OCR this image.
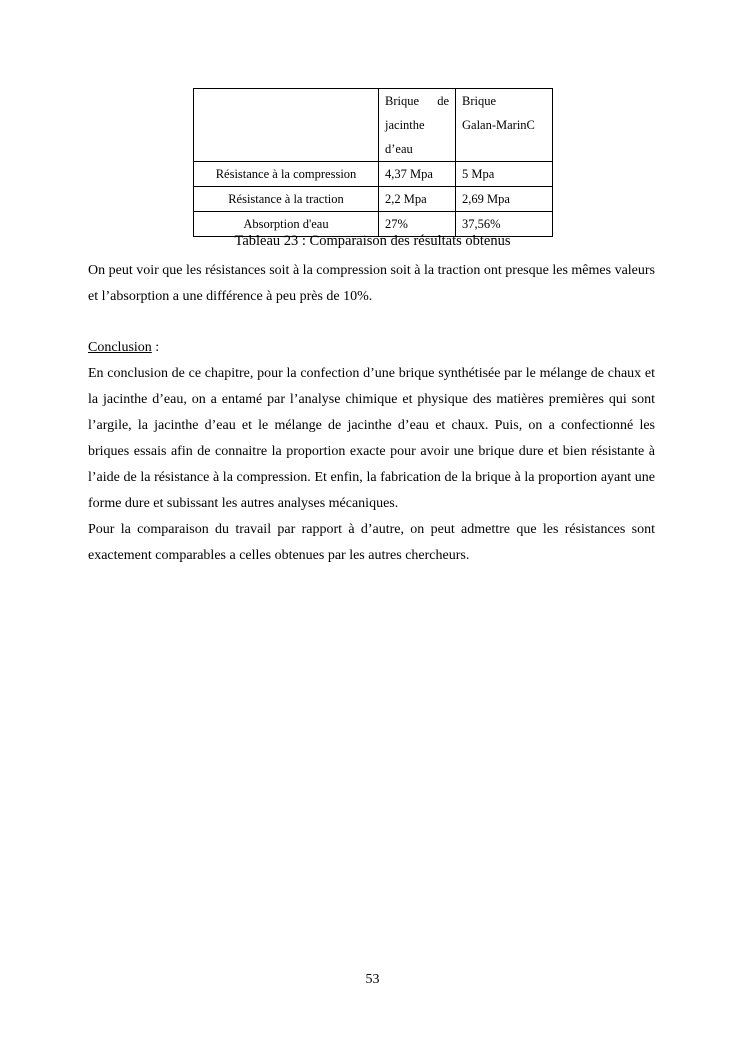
	Brique de
jacinthe
d’eau	Brique
Galan-MarinC

Résistance à la compression	4,37 Mpa	5 Mpa
Résistance à la traction	2,2 Mpa	2,69 Mpa
Absorption d'eau	27%	37,56%
Tableau 23 : Comparaison des résultats obtenus

On peut voir que les résistances soit à la compression soit à la traction ont presque les mêmes valeurs et l’absorption a une différence à peu près de 10%.

Conclusion :

En conclusion de ce chapitre, pour la confection d’une brique synthétisée par le mélange de chaux et la jacinthe d’eau, on a entamé par l’analyse chimique et physique des matières premières qui sont l’argile, la jacinthe d’eau et le mélange de jacinthe d’eau et chaux. Puis, on a confectionné les briques essais afin de connaitre la proportion exacte pour avoir une brique dure et bien résistante à l’aide de la résistance à la compression. Et enfin, la fabrication de la brique à la proportion ayant une forme dure et subissant les autres analyses mécaniques.

Pour la comparaison du travail par rapport à d’autre, on peut admettre que les résistances sont exactement comparables a celles obtenues par les autres chercheurs.

53
